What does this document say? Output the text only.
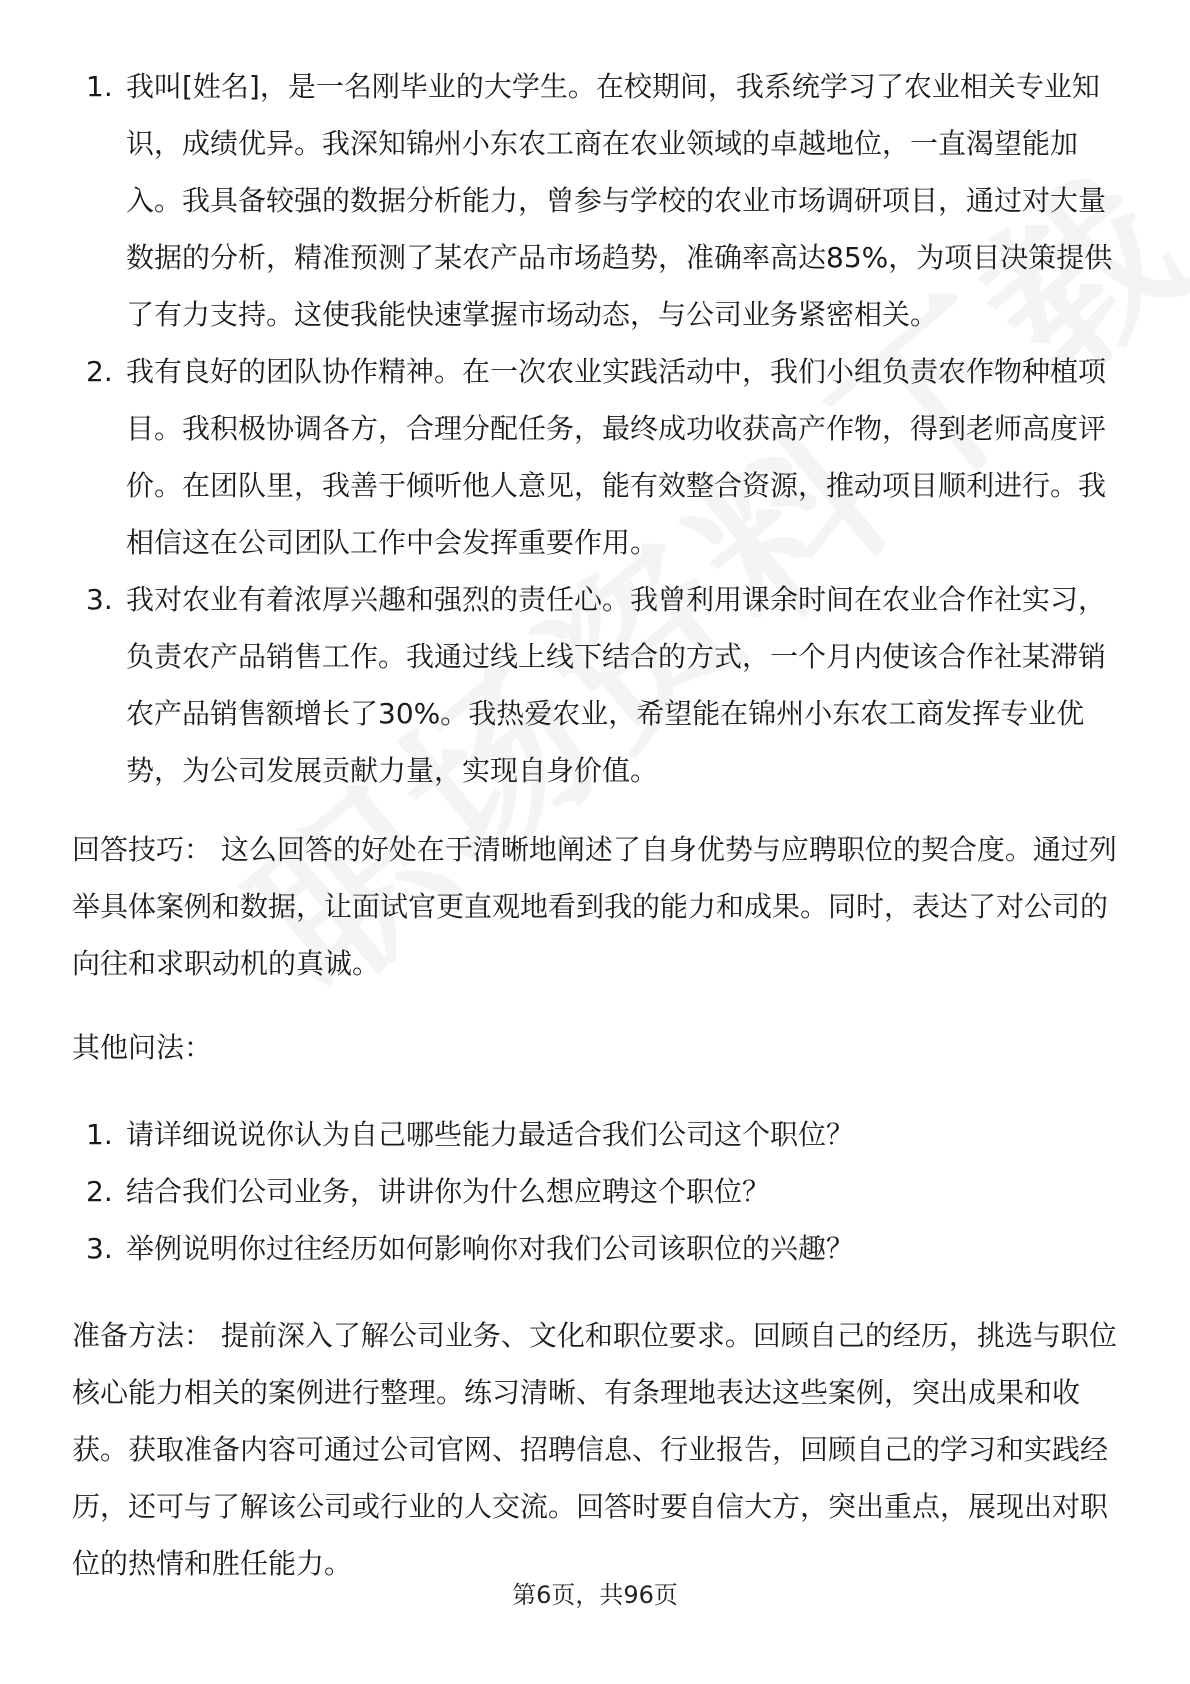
1. 我叫[姓名]，是一名刚毕业的大学生。在校期间，我系统学习了农业相关专业知识，成绩优异。我深知锦州小东农工商在农业领域的卓越地位，一直渴望能加入。我具备较强的数据分析能力，曾参与学校的农业市场调研项目，通过对大量数据的分析，精准预测了某农产品市场趋势，准确率高达85%，为项目决策提供了有力支持。这使我能快速掌握市场动态，与公司业务紧密相关。
2. 我有良好的团队协作精神。在一次农业实践活动中，我们小组负责农作物种植项目。我积极协调各方，合理分配任务，最终成功收获高产作物，得到老师高度评价。在团队里，我善于倾听他人意见，能有效整合资源，推动项目顺利进行。我相信这在公司团队工作中会发挥重要作用。
3. 我对农业有着浓厚兴趣和强烈的责任心。我曾利用课余时间在农业合作社实习，负责农产品销售工作。我通过线上线下结合的方式，一个月内使该合作社某滞销农产品销售额增长了30%。我热爱农业，希望能在锦州小东农工商发挥专业优势，为公司发展贡献力量，实现自身价值。

回答技巧： 这么回答的好处在于清晰地阐述了自身优势与应聘职位的契合度。通过列举具体案例和数据，让面试官更直观地看到我的能力和成果。同时，表达了对公司的向往和求职动机的真诚。

其他问法：

1. 请详细说说你认为自己哪些能力最适合我们公司这个职位？
2. 结合我们公司业务，讲讲你为什么想应聘这个职位？
3. 举例说明你过往经历如何影响你对我们公司该职位的兴趣？

准备方法： 提前深入了解公司业务、文化和职位要求。回顾自己的经历，挑选与职位核心能力相关的案例进行整理。练习清晰、有条理地表达这些案例，突出成果和收获。获取准备内容可通过公司官网、招聘信息、行业报告，回顾自己的学习和实践经历，还可与了解该公司或行业的人交流。回答时要自信大方，突出重点，展现出对职位的热情和胜任能力。

第6页，共96页
